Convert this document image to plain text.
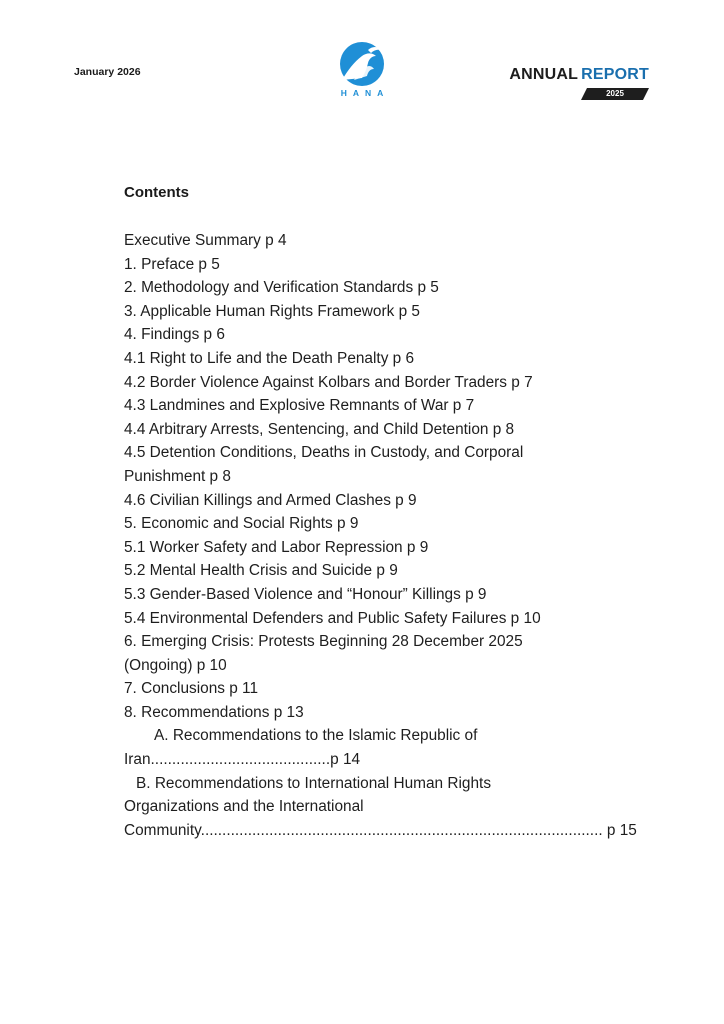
January 2026
HANA
ANNUAL REPORT
2025
Contents
Executive Summary p 4
1. Preface p 5
2. Methodology and Verification Standards p 5
3. Applicable Human Rights Framework p 5
4. Findings p 6
4.1 Right to Life and the Death Penalty p 6
4.2 Border Violence Against Kolbars and Border Traders p 7
4.3 Landmines and Explosive Remnants of War p 7
4.4 Arbitrary Arrests, Sentencing, and Child Detention p 8
4.5 Detention Conditions, Deaths in Custody, and Corporal
Punishment p 8
4.6 Civilian Killings and Armed Clashes p 9
5. Economic and Social Rights p 9
5.1 Worker Safety and Labor Repression p 9
5.2 Mental Health Crisis and Suicide p 9
5.3 Gender-Based Violence and “Honour” Killings p 9
5.4 Environmental Defenders and Public Safety Failures p 10
6. Emerging Crisis: Protests Beginning 28 December 2025
(Ongoing) p 10
7. Conclusions p 11
8. Recommendations p 13
A. Recommendations to the Islamic Republic of
Iran..........................................p 14
B. Recommendations to International Human Rights
Organizations and the International
Community.............................................................................................. p 15
